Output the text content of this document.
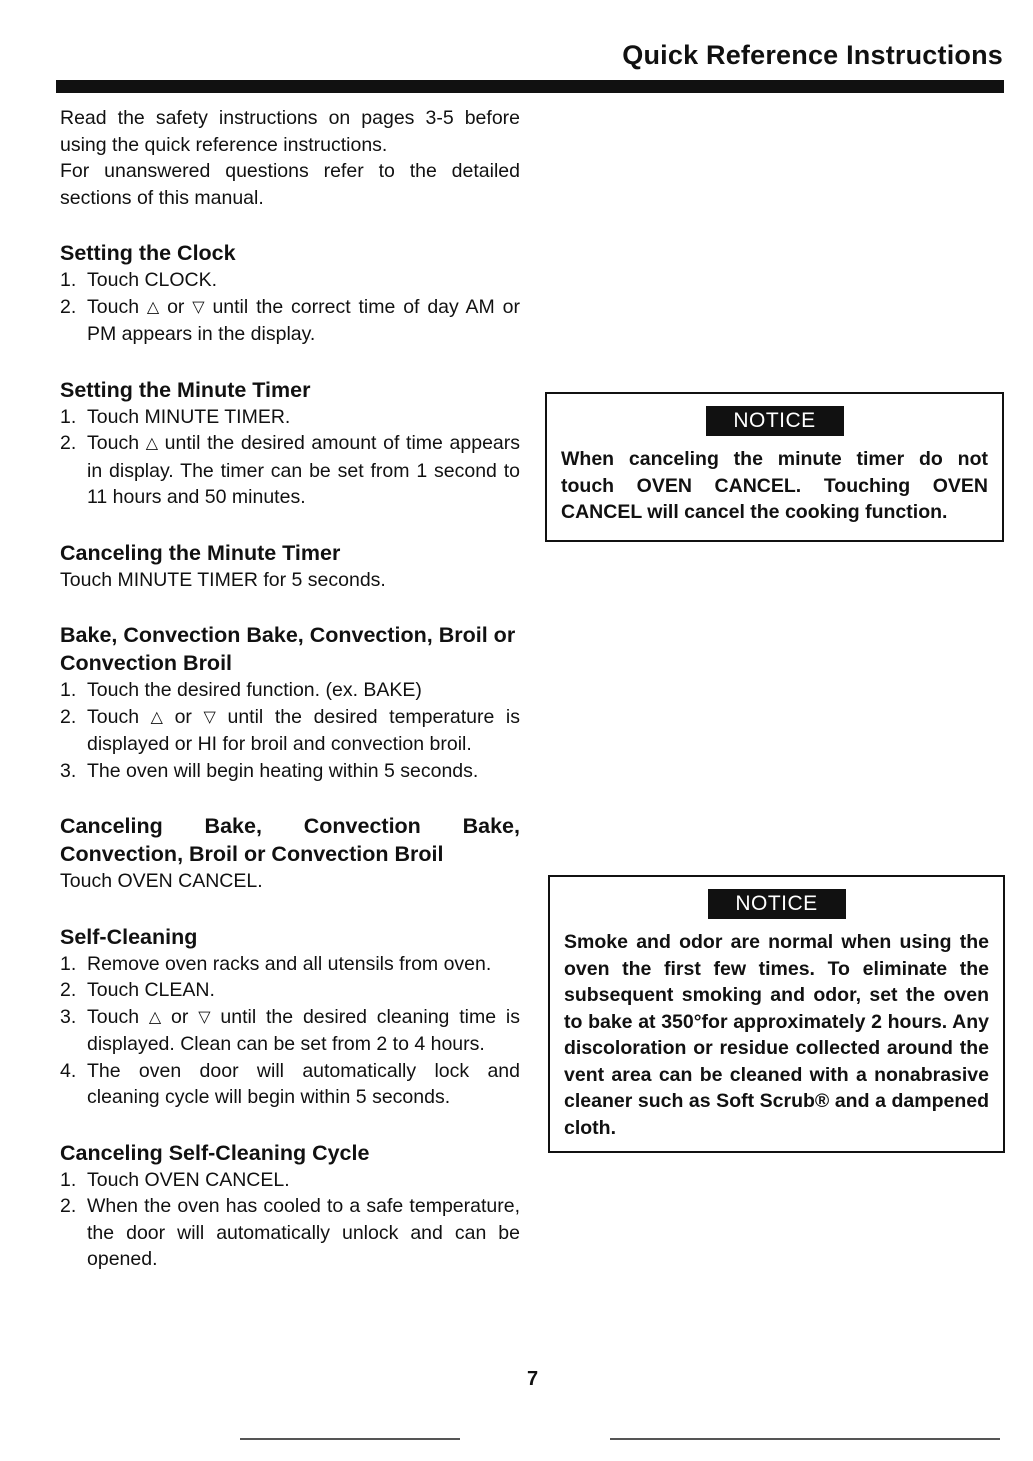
Quick Reference Instructions

Read the safety instructions on pages 3-5 before using the quick reference instructions.

For unanswered questions refer to the detailed sections of this manual.

Setting the Clock

1. Touch CLOCK.
2. Touch △ or ▽ until the correct time of day AM or PM appears in the display.

Setting the Minute Timer

1. Touch MINUTE TIMER.
2. Touch △ until the desired amount of time appears in display. The timer can be set from 1 second to 11 hours and 50 minutes.

Canceling the Minute Timer

Touch MINUTE TIMER for 5 seconds.

Bake, Convection Bake, Convection, Broil or Convection Broil

1. Touch the desired function. (ex. BAKE)
2. Touch △ or ▽ until the desired temperature is displayed or HI for broil and convection broil.
3. The oven will begin heating within 5 seconds.

Canceling Bake, Convection Bake, Convection, Broil or Convection Broil

Touch OVEN CANCEL.

Self-Cleaning

1. Remove oven racks and all utensils from oven.
2. Touch CLEAN.
3. Touch △ or ▽ until the desired cleaning time is displayed. Clean can be set from 2 to 4 hours.
4. The oven door will automatically lock and cleaning cycle will begin within 5 seconds.

Canceling Self-Cleaning Cycle

1. Touch OVEN CANCEL.
2. When the oven has cooled to a safe temperature, the door will automatically unlock and can be opened.
NOTICE
When canceling the minute timer do not touch OVEN CANCEL. Touching OVEN CANCEL will cancel the cooking function.
NOTICE
Smoke and odor are normal when using the oven the first few times. To eliminate the subsequent smoking and odor, set the oven to bake at 350°for approximately 2 hours. Any discoloration or residue collected around the vent area can be cleaned with a nonabrasive cleaner such as Soft Scrub® and a dampened cloth.
7
